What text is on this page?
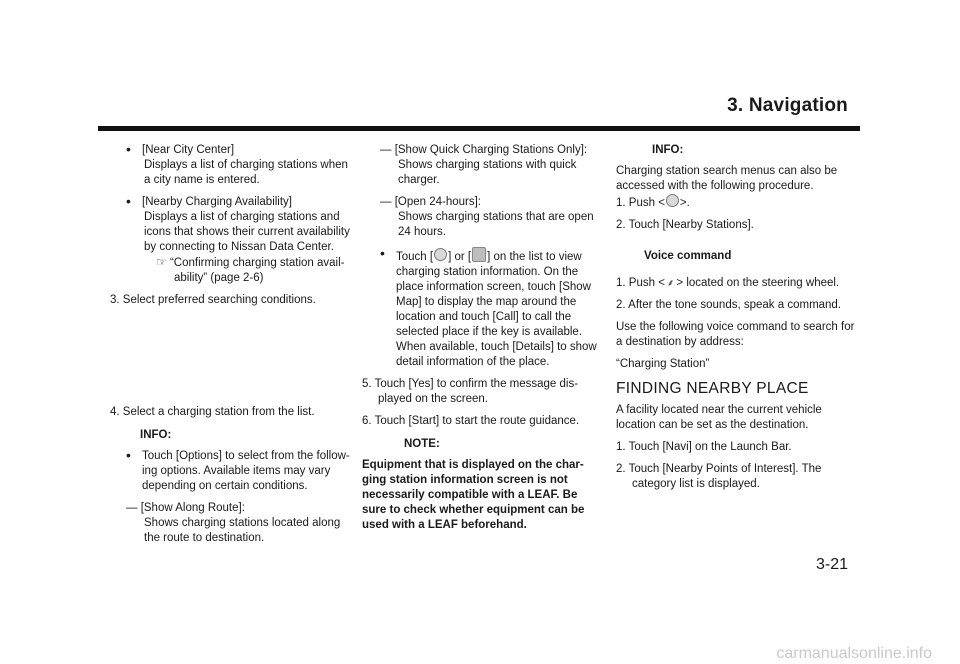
3. Navigation
• [Near City Center]
Displays a list of charging stations when a city name is entered.
• [Nearby Charging Availability]
Displays a list of charging stations and icons that shows their current availability by connecting to Nissan Data Center.
☞ “Confirming charging station avail-ability” (page 2-6)
3. Select preferred searching conditions.
4. Select a charging station from the list.
INFO:
• Touch [Options] to select from the follow-ing options. Available items may vary depending on certain conditions.
— [Show Along Route]:
Shows charging stations located along the route to destination.
— [Show Quick Charging Stations Only]:
Shows charging stations with quick charger.
— [Open 24-hours]:
Shows charging stations that are open 24 hours.
• Touch [ ] or [ ] on the list to view charging station information. On the place information screen, touch [Show Map] to display the map around the location and touch [Call] to call the selected place if the key is available. When available, touch [Details] to show detail information of the place.
5. Touch [Yes] to confirm the message dis-played on the screen.
6. Touch [Start] to start the route guidance.
NOTE:
Equipment that is displayed on the char-ging station information screen is not necessarily compatible with a LEAF. Be sure to check whether equipment can be used with a LEAF beforehand.
INFO:
Charging station search menus can also be accessed with the following procedure.
1. Push < >.
2. Touch [Nearby Stations].
Voice command
1. Push < ⸙ > located on the steering wheel.
2. After the tone sounds, speak a command.
Use the following voice command to search for a destination by address:
“Charging Station”
FINDING NEARBY PLACE
A facility located near the current vehicle location can be set as the destination.
1. Touch [Navi] on the Launch Bar.
2. Touch [Nearby Points of Interest]. The category list is displayed.
3-21
carmanualsonline.info
